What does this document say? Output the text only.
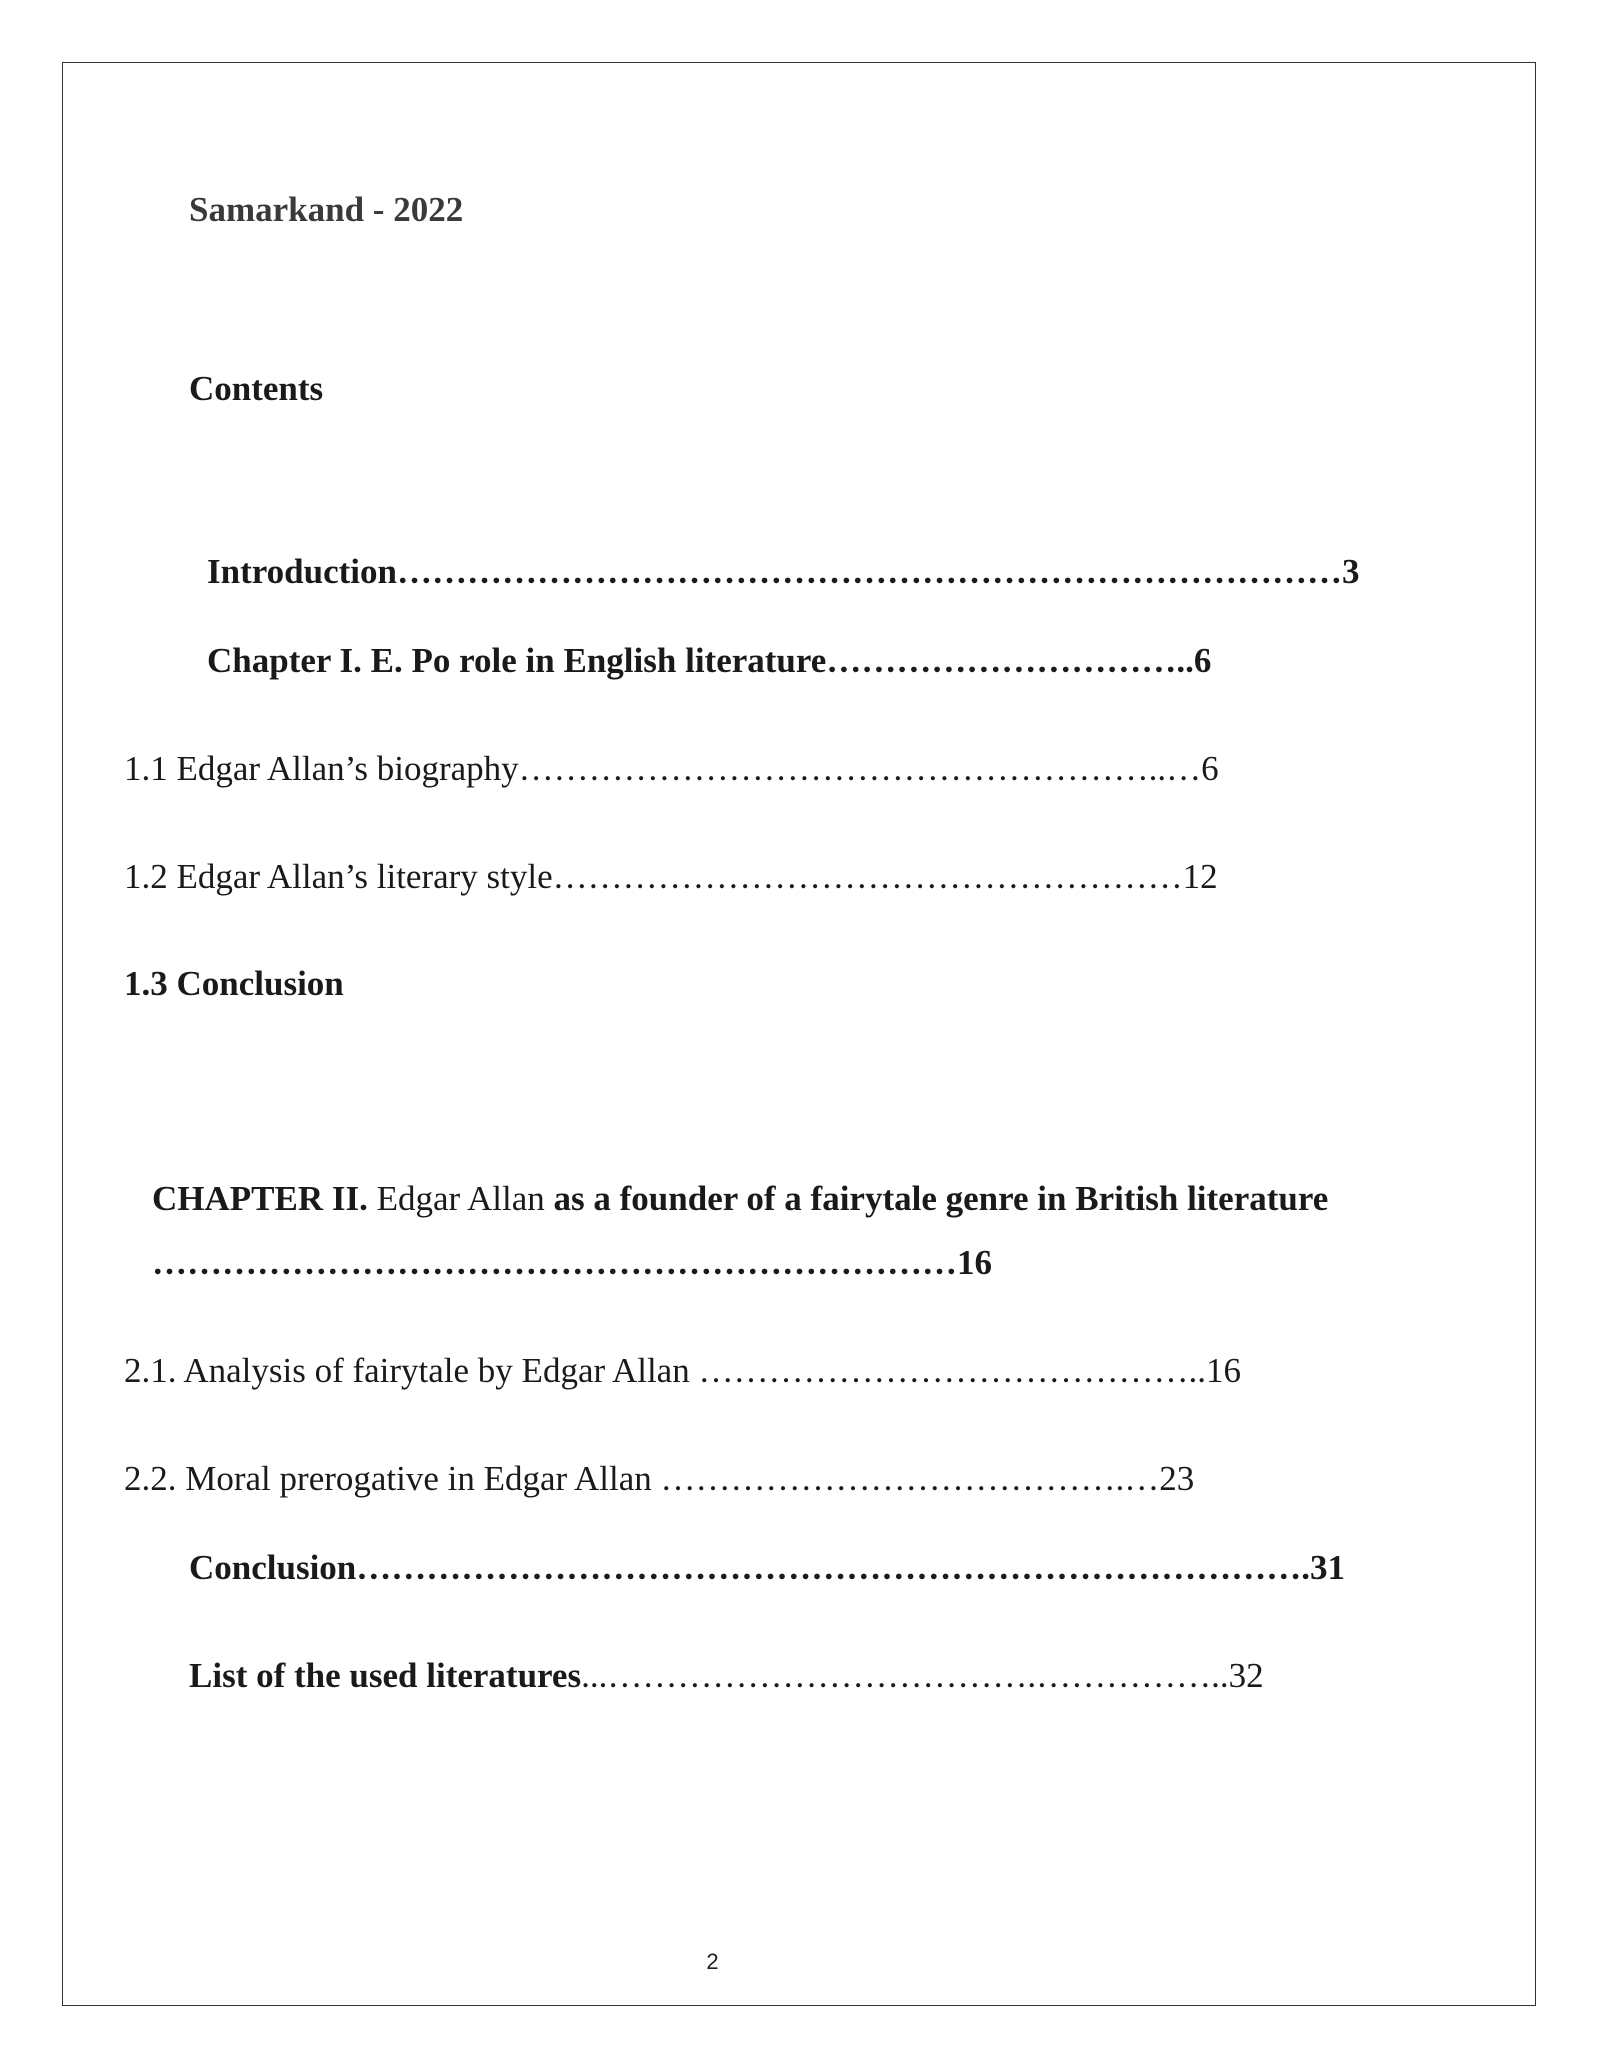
Samarkand - 2022
Contents
Introduction………………………………………………………………………3
Chapter I. E. Po role in English literature…………………………..6
1.1 Edgar Allan’s biography………………………………………………..…6
1.2 Edgar Allan’s literary style………………………………………………12
1.3 Conclusion
CHAPTER II. Edgar Allan as a founder of a fairytale genre in British literature
……………………………………………………………16
2.1. Analysis of fairytale by Edgar Allan ……………………………………..16
2.2. Moral prerogative in Edgar Allan ………………………………….…23
Conclusion……………………………………………………………………….31
List of the used literatures...……………………………….……………..32
2
